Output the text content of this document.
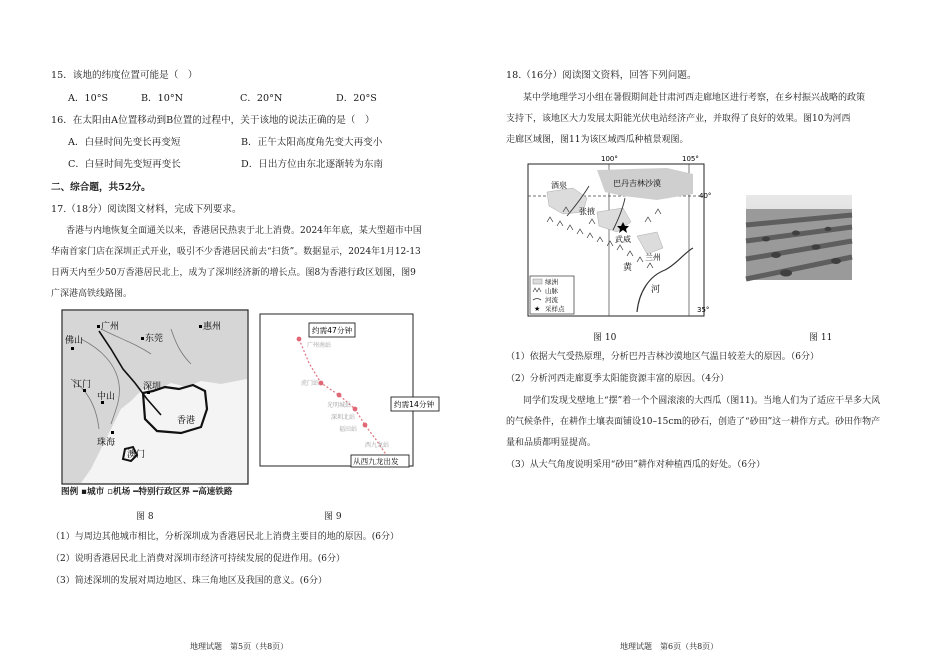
15．该地的纬度位置可能是（　）
A．10°S	B．10°N	C．20°N	D．20°S
16．在太阳由A位置移动到B位置的过程中，关于该地的说法正确的是（　）
A．白昼时间先变长再变短	B．正午太阳高度角先变大再变小
C．白昼时间先变短再变长	D．日出方位由东北逐渐转为东南
二、综合题，共52分。
17.（18分）阅读图文材料，完成下列要求。
香港与内地恢复全面通关以来，香港居民热衷于北上消费。2024年年底，某大型超市中国
华南首家门店在深圳正式开业，吸引不少香港居民前去“扫货”。数据显示，2024年1月12-13
日两天内至少50万香港居民北上，成为了深圳经济新的增长点。图8为香港行政区划图，图9
广深港高铁线路图。
广州
东莞
惠州
佛山
江门
中山
深圳
珠海
澳门
香港
图例 ▪城市 ▫机场 ━特别行政区界 ━高速铁路
图 8
约需47分钟
约需14分钟
从西九龙出发
广州南站
虎门站
光明城站
深圳北站
福田站
西九龙站
图 9
（1）与周边其他城市相比，分析深圳成为香港居民北上消费主要目的地的原因。(6分）
（2）说明香港居民北上消费对深圳市经济可持续发展的促进作用。(6分）
（3）简述深圳的发展对周边地区、珠三角地区及我国的意义。(6分）
地理试题　第5页（共8页）
18.（16分）阅读图文资料，回答下列问题。
某中学地理学习小组在暑假期间赴甘肃河西走廊地区进行考察，在乡村振兴战略的政策
支持下，该地区大力发展太阳能光伏电站经济产业，并取得了良好的效果。图10为河西
走廊区域图，图11为该区域西瓜种植景观图。
100°	105°
40°
35°
巴丹吉林沙漠
酒泉
张掖
武威
兰州
黄
河
绿洲
山脉
河流
★ 采样点
图 10	图 11
（1）依据大气受热原理，分析巴丹吉林沙漠地区气温日较差大的原因。（6分）
（2）分析河西走廊夏季太阳能资源丰富的原因。（4分）
同学们发现戈壁地上“摆”着一个个圆滚滚的大西瓜（图11)。当地人们为了适应干旱多大风
的气候条件，在耕作土壤表面铺设10–15cm的砂石，创造了“砂田”这一耕作方式。砂田作物产
量和品质都明显提高。
（3）从大气角度说明采用“砂田”耕作对种植西瓜的好处。（6分）
地理试题　第6页（共8页）
